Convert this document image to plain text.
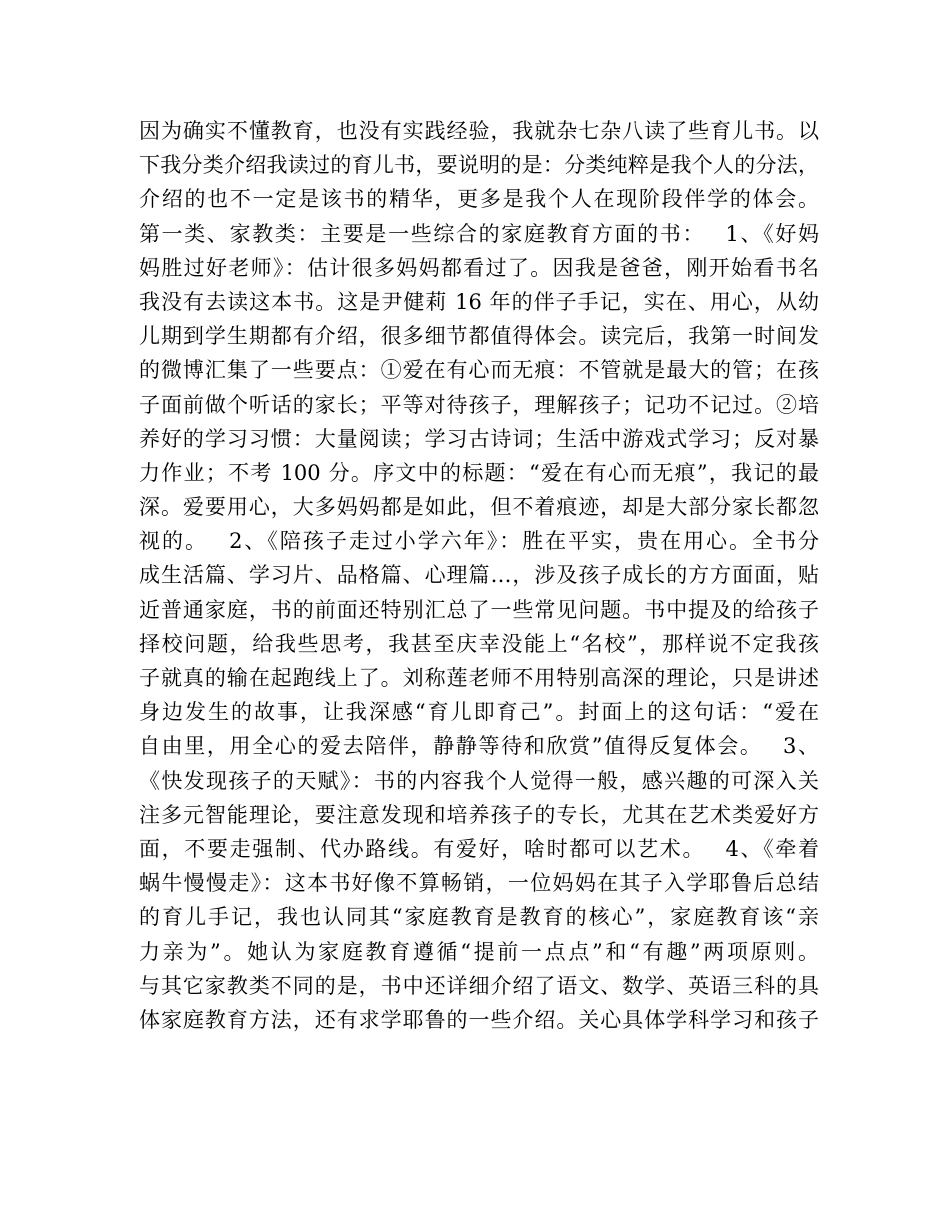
因为确实不懂教育，也没有实践经验，我就杂七杂八读了些育儿书。以
下我分类介绍我读过的育儿书，要说明的是：分类纯粹是我个人的分法，
介绍的也不一定是该书的精华，更多是我个人在现阶段伴学的体会。
第一类、家教类：主要是一些综合的家庭教育方面的书：　 1、《好妈
妈胜过好老师》：估计很多妈妈都看过了。因我是爸爸，刚开始看书名
我没有去读这本书。这是尹健莉 16 年的伴子手记，实在、用心，从幼
儿期到学生期都有介绍，很多细节都值得体会。读完后，我第一时间发
的微博汇集了一些要点：①爱在有心而无痕：不管就是最大的管；在孩
子面前做个听话的家长；平等对待孩子，理解孩子；记功不记过。②培
养好的学习习惯：大量阅读；学习古诗词；生活中游戏式学习；反对暴
力作业；不考 100 分。序文中的标题：“爱在有心而无痕”，我记的最
深。爱要用心，大多妈妈都是如此，但不着痕迹，却是大部分家长都忽
视的。　 2、《陪孩子走过小学六年》：胜在平实，贵在用心。全书分
成生活篇、学习片、品格篇、心理篇…，涉及孩子成长的方方面面，贴
近普通家庭，书的前面还特别汇总了一些常见问题。书中提及的给孩子
择校问题，给我些思考，我甚至庆幸没能上“名校”，那样说不定我孩
子就真的输在起跑线上了。刘称莲老师不用特别高深的理论，只是讲述
身边发生的故事，让我深感“育儿即育己”。封面上的这句话：“爱在
自由里，用全心的爱去陪伴，静静等待和欣赏”值得反复体会。　 3、
《快发现孩子的天赋》：书的内容我个人觉得一般，感兴趣的可深入关
注多元智能理论，要注意发现和培养孩子的专长，尤其在艺术类爱好方
面，不要走强制、代办路线。有爱好，啥时都可以艺术。　 4、《牵着
蜗牛慢慢走》：这本书好像不算畅销，一位妈妈在其子入学耶鲁后总结
的育儿手记，我也认同其“家庭教育是教育的核心”，家庭教育该“亲
力亲为”。她认为家庭教育遵循“提前一点点”和“有趣”两项原则。
与其它家教类不同的是，书中还详细介绍了语文、数学、英语三科的具
体家庭教育方法，还有求学耶鲁的一些介绍。关心具体学科学习和孩子
